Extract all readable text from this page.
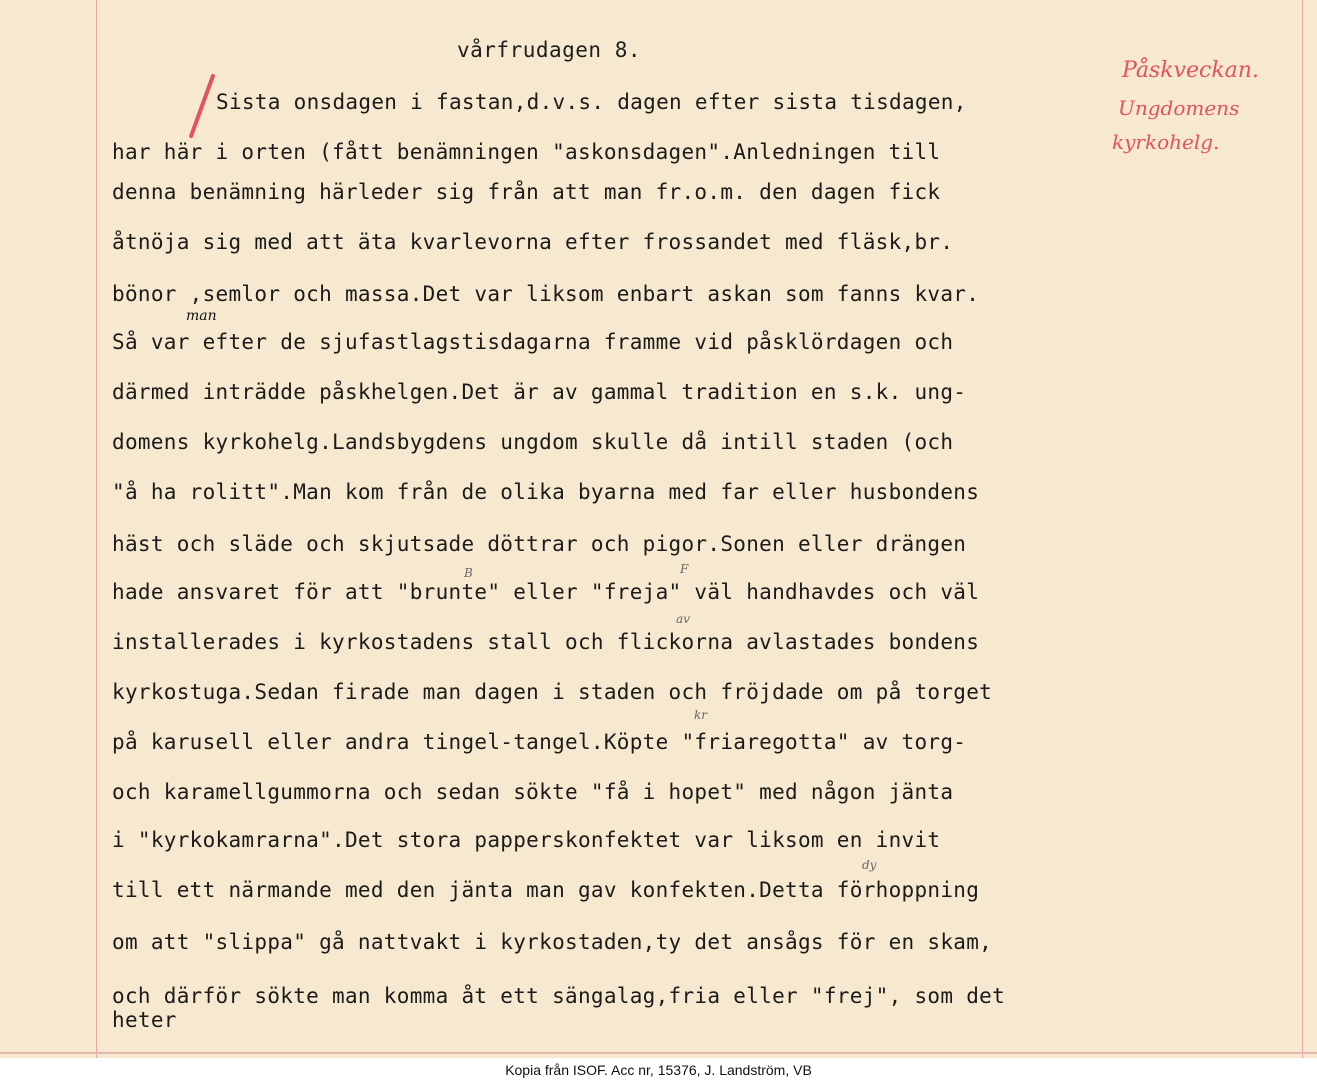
vårfrudagen 8.
Sista onsdagen i fastan,d.v.s. dagen efter sista tisdagen,
har här i orten (fått benämningen "askonsdagen".Anledningen till
denna benämning härleder sig från att man fr.o.m. den dagen fick
åtnöja sig med att äta kvarlevorna efter frossandet med fläsk,br.
bönor ,semlor och massa.Det var liksom enbart askan som fanns kvar.
Så var efter de sjufastlagstisdagarna framme vid påsklördagen och
därmed inträdde påskhelgen.Det är av gammal tradition en s.k. ung-
domens kyrkohelg.Landsbygdens ungdom skulle då intill staden (och
"å ha rolitt".Man kom från de olika byarna med far eller husbondens
häst och släde och skjutsade döttrar och pigor.Sonen eller drängen
hade ansvaret för att "brunte" eller "freja" väl handhavdes och väl
installerades i kyrkostadens stall och flickorna avlastades bondens
kyrkostuga.Sedan firade man dagen i staden och fröjdade om på torget
på karusell eller andra tingel-tangel.Köpte "friaregotta" av torg-
och karamellgummorna och sedan sökte "få i hopet" med någon jänta
i "kyrkokamrarna".Det stora papperskonfektet var liksom en invit
till ett närmande med den jänta man gav konfekten.Detta förhoppning
om att "slippa" gå nattvakt i kyrkostaden,ty det ansågs för en skam,
och därför sökte man komma åt ett sängalag,fria eller "frej", som det
heter
Påskveckan.
Ungdomens
kyrkohelg.
man
B	F
av
kr
dy
Kopia från ISOF. Acc nr, 15376, J. Landström, VB
